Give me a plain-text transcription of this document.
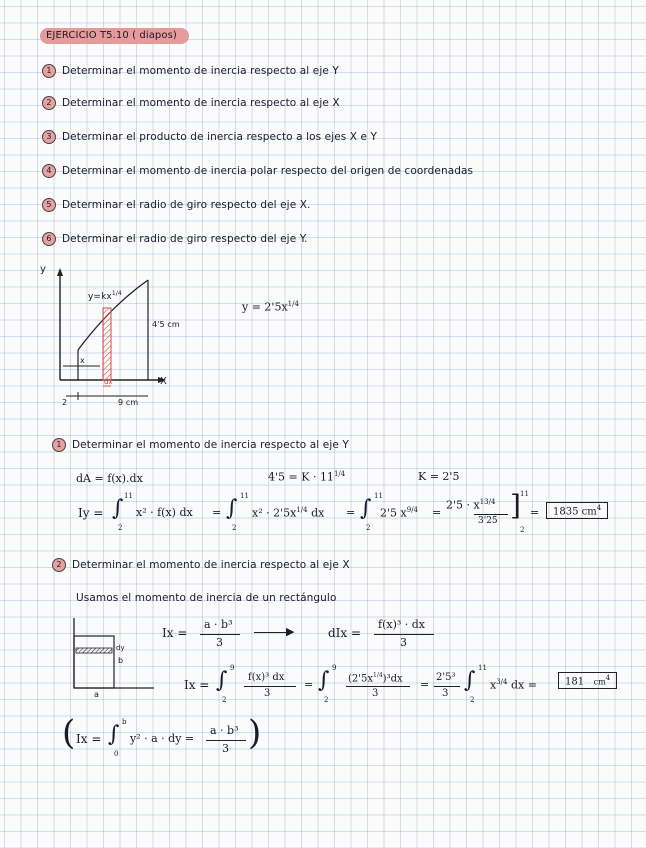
EJERCICIO T5.10 ( diapos)
1 Determinar el momento de inercia respecto al eje Y
2 Determinar el momento de inercia respecto al eje X
3 Determinar el producto de inercia respecto a los ejes X e Y
4 Determinar el momento de inercia polar respecto del origen de coordenadas
5 Determinar el radio de giro respecto del eje X.
6 Determinar el radio de giro respecto del eje Y.
y
X
$y=kx^{1/4}$
4'5 cm
x
dx
2	9 cm
$y = 2'5x^{1/4}$
1 Determinar el momento de inercia respecto al eje Y
dA = f(x).dx	$4'5 = K \cdot 11^{1/4}$	K = 2'5
Iy = ∫ 11
2
x² · f(x) dx = ∫ 11
2
$x^2 \cdot 2'5x^{1/4}$ dx = ∫ 11
2
2'5 $x^{9/4}$ =
$2'5 \cdot x^{13/4}$
3'25 ] 11
2
=	1835 $cm^4$
2 Determinar el momento de inercia respecto al eje X
Usamos el momento de inercia de un rectángulo
dy
b
a
Ix =
a · b³
3
▶	dIx =
f(x)³ · dx
3
Ix = ∫ 9
2
f(x)³ dx
3
= ∫ 9
2
$(2'5x^{1/4})^3dx$
3
=
2'5³
3
∫ 11
2
$x^{3/4}$ dx =	181 $cm^4$
( Ix = ∫ b
0
y² · a · dy =
a · b³
3 )
